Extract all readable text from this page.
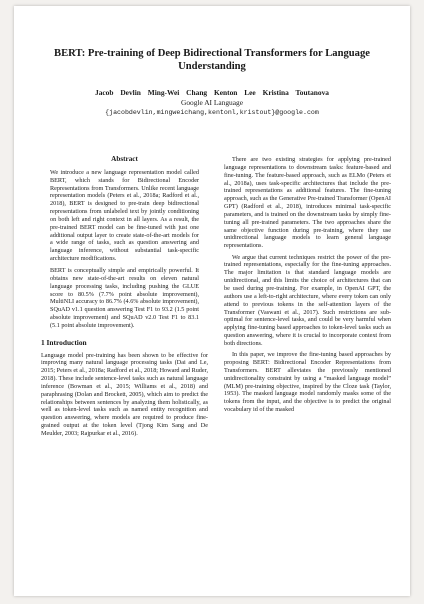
BERT: Pre-training of Deep Bidirectional Transformers for Language Understanding
Jacob Devlin Ming-Wei Chang Kenton Lee Kristina Toutanova
Google AI Language
{jacobdevlin,mingweichang,kentonl,kristout}@google.com
Abstract

We introduce a new language representation model called BERT, which stands for Bidirectional Encoder Representations from Transformers. Unlike recent language representation models (Peters et al., 2018a; Radford et al., 2018), BERT is designed to pre-train deep bidirectional representations from unlabeled text by jointly conditioning on both left and right context in all layers. As a result, the pre-trained BERT model can be fine-tuned with just one additional output layer to create state-of-the-art models for a wide range of tasks, such as question answering and language inference, without substantial task-specific architecture modifications.

BERT is conceptually simple and empirically powerful. It obtains new state-of-the-art results on eleven natural language processing tasks, including pushing the GLUE score to 80.5% (7.7% point absolute improvement), MultiNLI accuracy to 86.7% (4.6% absolute improvement), SQuAD v1.1 question answering Test F1 to 93.2 (1.5 point absolute improvement) and SQuAD v2.0 Test F1 to 83.1 (5.1 point absolute improvement).

1 Introduction

Language model pre-training has been shown to be effective for improving many natural language processing tasks (Dai and Le, 2015; Peters et al., 2018a; Radford et al., 2018; Howard and Ruder, 2018). These include sentence-level tasks such as natural language inference (Bowman et al., 2015; Williams et al., 2018) and paraphrasing (Dolan and Brockett, 2005), which aim to predict the relationships between sentences by analyzing them holistically, as well as token-level tasks such as named entity recognition and question answering, where models are required to produce fine-grained output at the token level (Tjong Kim Sang and De Meulder, 2003; Rajpurkar et al., 2016).

There are two existing strategies for applying pre-trained language representations to downstream tasks: feature-based and fine-tuning. The feature-based approach, such as ELMo (Peters et al., 2018a), uses task-specific architectures that include the pre-trained representations as additional features. The fine-tuning approach, such as the Generative Pre-trained Transformer (OpenAI GPT) (Radford et al., 2018), introduces minimal task-specific parameters, and is trained on the downstream tasks by simply fine-tuning all pre-trained parameters. The two approaches share the same objective function during pre-training, where they use unidirectional language models to learn general language representations.

We argue that current techniques restrict the power of the pre-trained representations, especially for the fine-tuning approaches. The major limitation is that standard language models are unidirectional, and this limits the choice of architectures that can be used during pre-training. For example, in OpenAI GPT, the authors use a left-to-right architecture, where every token can only attend to previous tokens in the self-attention layers of the Transformer (Vaswani et al., 2017). Such restrictions are sub-optimal for sentence-level tasks, and could be very harmful when applying fine-tuning based approaches to token-level tasks such as question answering, where it is crucial to incorporate context from both directions.

In this paper, we improve the fine-tuning based approaches by proposing BERT: Bidirectional Encoder Representations from Transformers. BERT alleviates the previously mentioned unidirectionality constraint by using a “masked language model” (MLM) pre-training objective, inspired by the Cloze task (Taylor, 1953). The masked language model randomly masks some of the tokens from the input, and the objective is to predict the original vocabulary id of the masked
